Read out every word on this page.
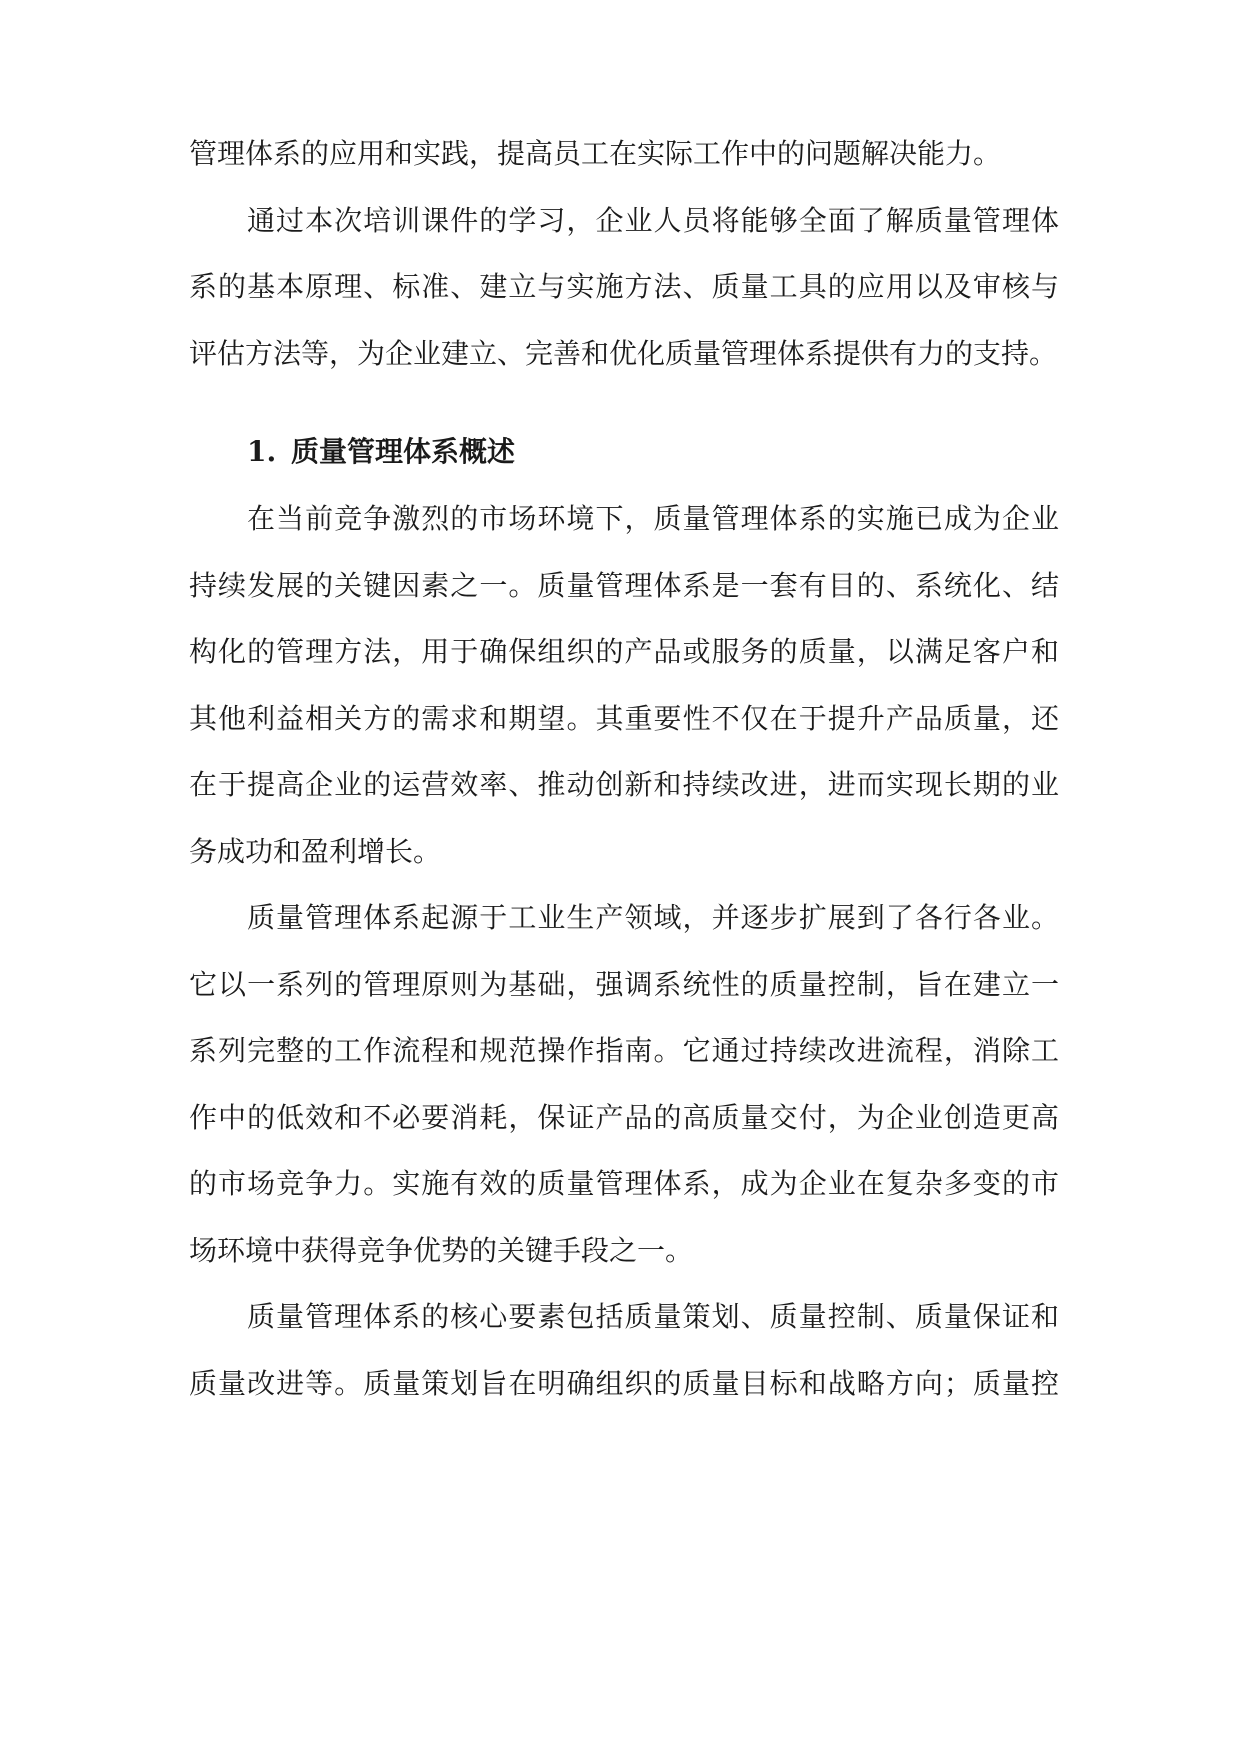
管理体系的应用和实践，提高员工在实际工作中的问题解决能力。
通过本次培训课件的学习，企业人员将能够全面了解质量管理体
系的基本原理、标准、建立与实施方法、质量工具的应用以及审核与
评估方法等，为企业建立、完善和优化质量管理体系提供有力的支持。
1. 质量管理体系概述
在当前竞争激烈的市场环境下，质量管理体系的实施已成为企业
持续发展的关键因素之一。质量管理体系是一套有目的、系统化、结
构化的管理方法，用于确保组织的产品或服务的质量，以满足客户和
其他利益相关方的需求和期望。其重要性不仅在于提升产品质量，还
在于提高企业的运营效率、推动创新和持续改进，进而实现长期的业
务成功和盈利增长。
质量管理体系起源于工业生产领域，并逐步扩展到了各行各业。
它以一系列的管理原则为基础，强调系统性的质量控制，旨在建立一
系列完整的工作流程和规范操作指南。它通过持续改进流程，消除工
作中的低效和不必要消耗，保证产品的高质量交付，为企业创造更高
的市场竞争力。实施有效的质量管理体系，成为企业在复杂多变的市
场环境中获得竞争优势的关键手段之一。
质量管理体系的核心要素包括质量策划、质量控制、质量保证和
质量改进等。质量策划旨在明确组织的质量目标和战略方向；质量控
